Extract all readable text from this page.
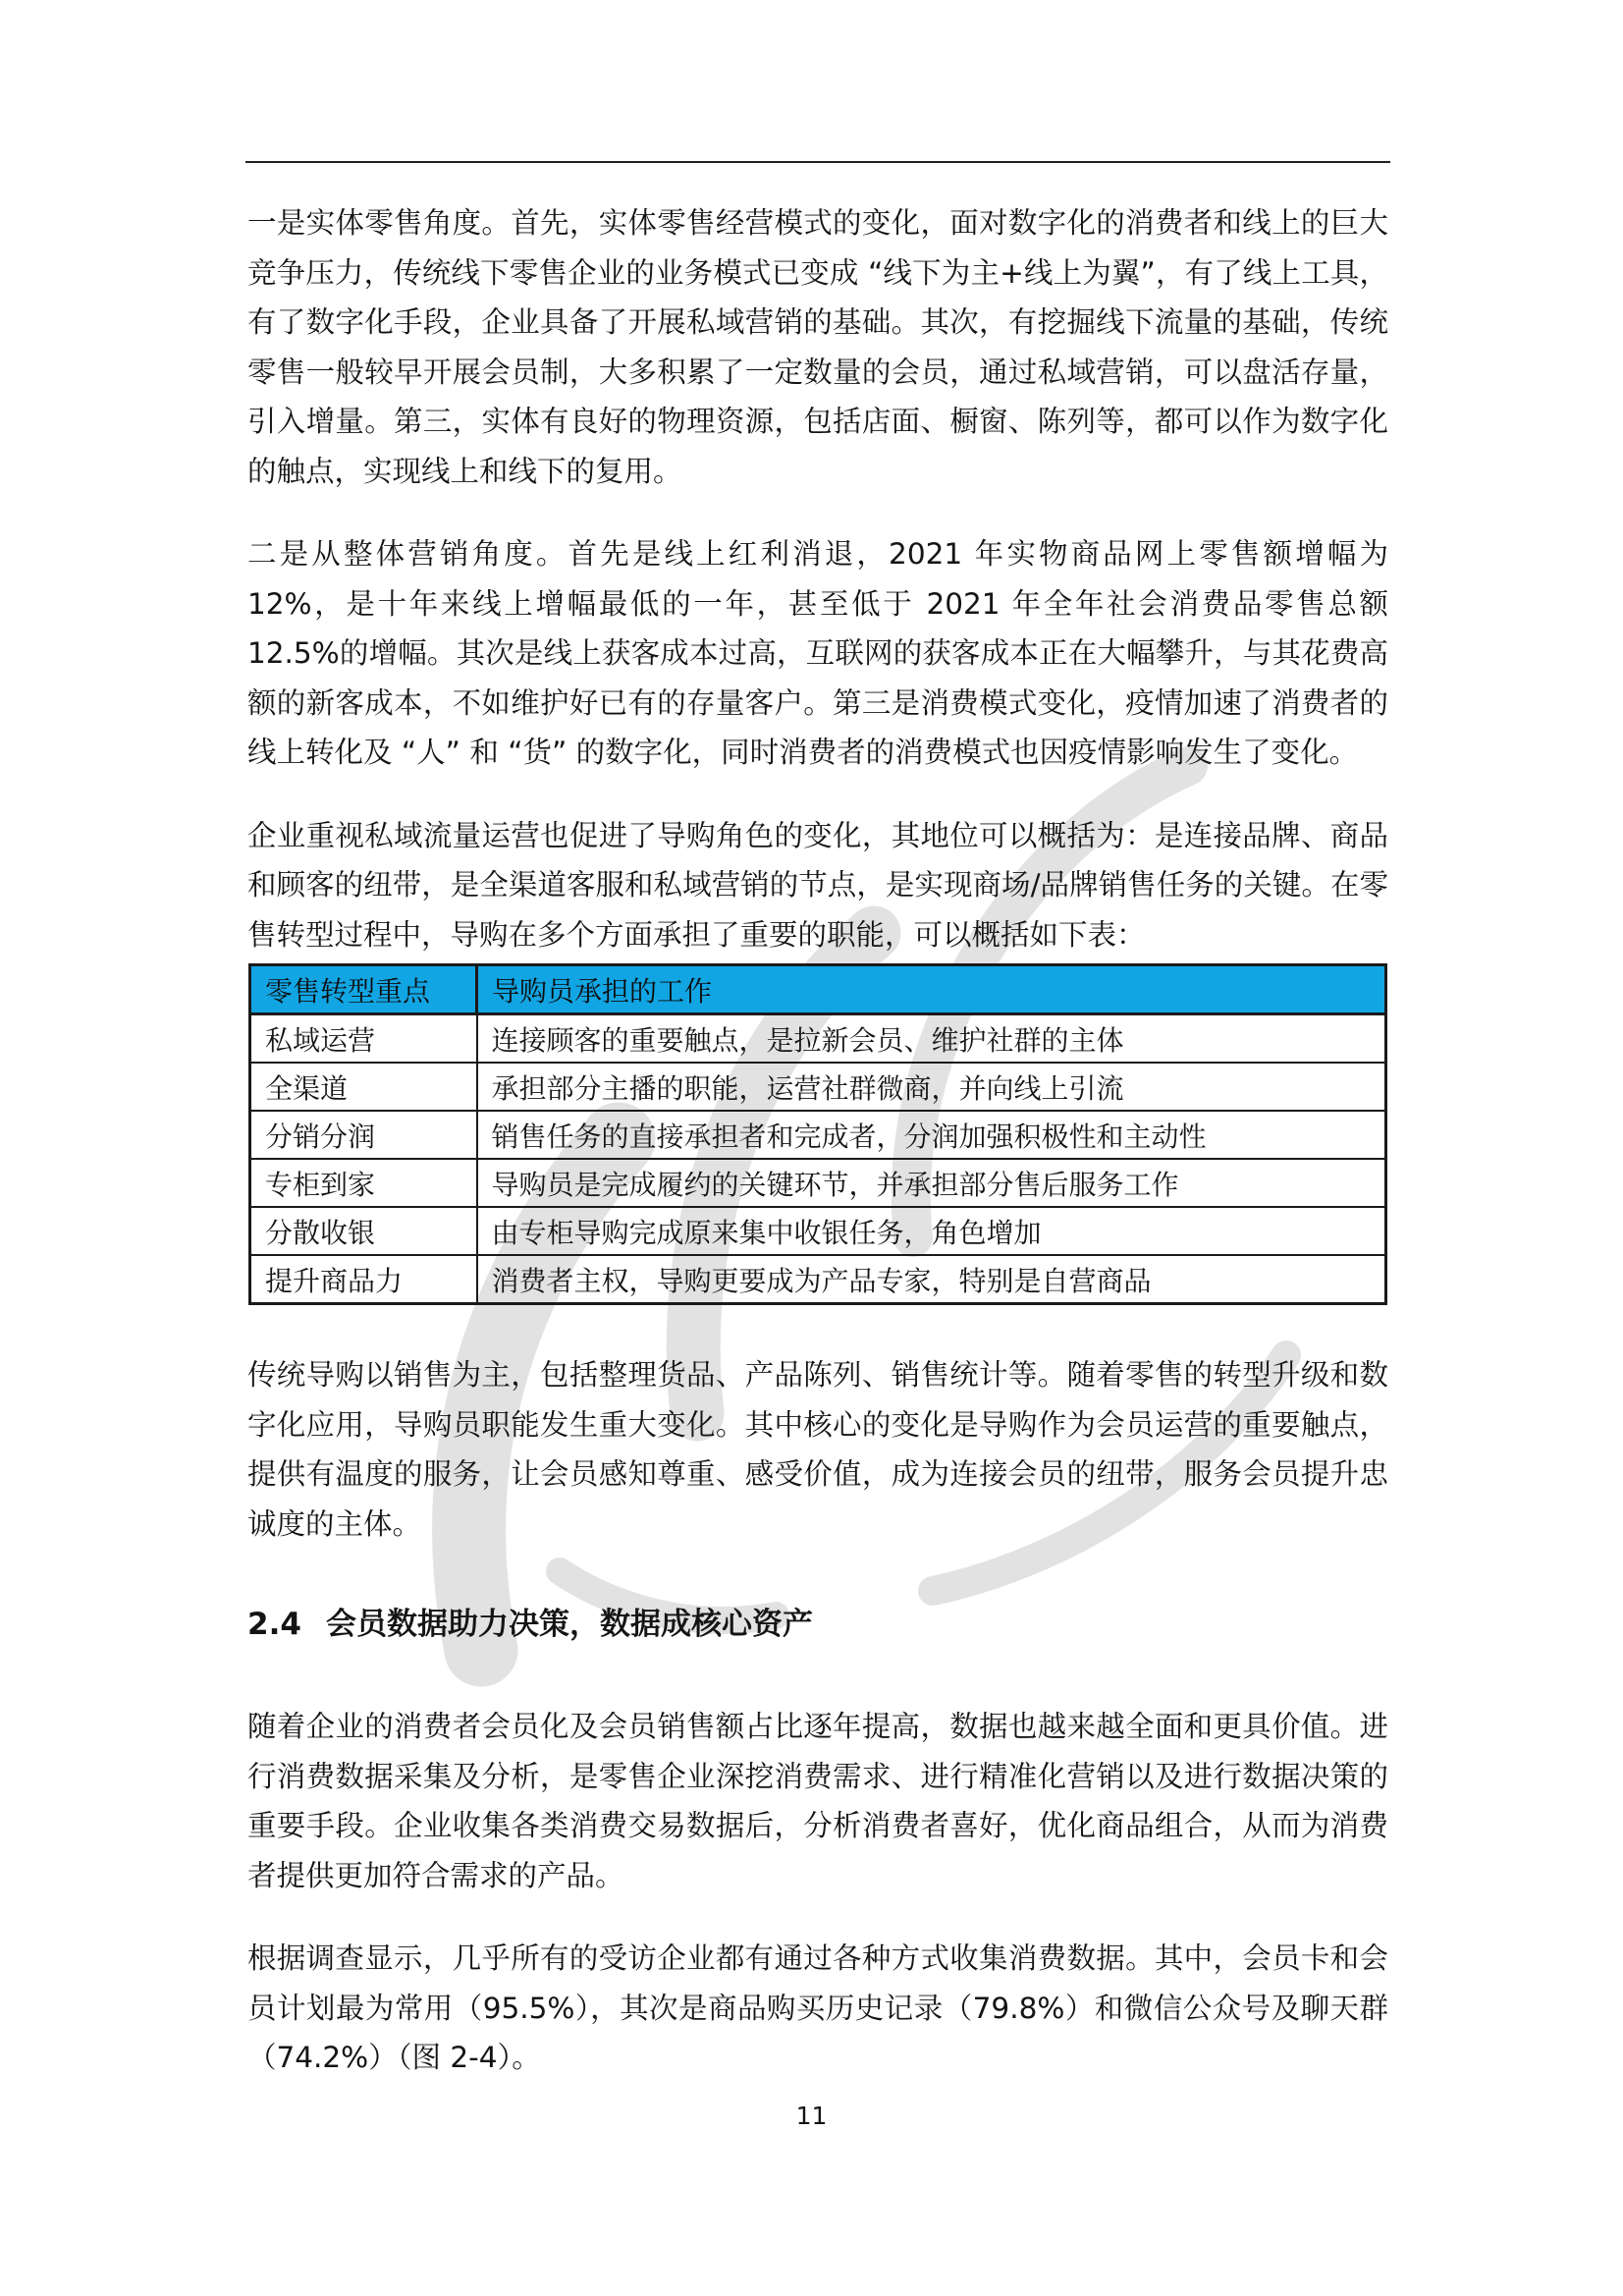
一是实体零售角度。首先，实体零售经营模式的变化，面对数字化的消费者和线上的巨大竞争压力，传统线下零售企业的业务模式已变成 “线下为主+线上为翼”，有了线上工具，有了数字化手段，企业具备了开展私域营销的基础。其次，有挖掘线下流量的基础，传统零售一般较早开展会员制，大多积累了一定数量的会员，通过私域营销，可以盘活存量，引入增量。第三，实体有良好的物理资源，包括店面、橱窗、陈列等，都可以作为数字化的触点，实现线上和线下的复用。

二是从整体营销角度。首先是线上红利消退，2021 年实物商品网上零售额增幅为 12%，是十年来线上增幅最低的一年，甚至低于 2021 年全年社会消费品零售总额 12.5%的增幅。其次是线上获客成本过高，互联网的获客成本正在大幅攀升，与其花费高额的新客成本，不如维护好已有的存量客户。第三是消费模式变化，疫情加速了消费者的线上转化及 “人” 和 “货” 的数字化，同时消费者的消费模式也因疫情影响发生了变化。

企业重视私域流量运营也促进了导购角色的变化，其地位可以概括为：是连接品牌、商品和顾客的纽带，是全渠道客服和私域营销的节点，是实现商场/品牌销售任务的关键。在零售转型过程中，导购在多个方面承担了重要的职能，可以概括如下表：

零售转型重点	导购员承担的工作
私域运营	连接顾客的重要触点，是拉新会员、维护社群的主体
全渠道	承担部分主播的职能，运营社群微商，并向线上引流
分销分润	销售任务的直接承担者和完成者，分润加强积极性和主动性
专柜到家	导购员是完成履约的关键环节，并承担部分售后服务工作
分散收银	由专柜导购完成原来集中收银任务，角色增加
提升商品力	消费者主权，导购更要成为产品专家，特别是自营商品

传统导购以销售为主，包括整理货品、产品陈列、销售统计等。随着零售的转型升级和数字化应用，导购员职能发生重大变化。其中核心的变化是导购作为会员运营的重要触点，提供有温度的服务，让会员感知尊重、感受价值，成为连接会员的纽带，服务会员提升忠诚度的主体。

2.4 会员数据助力决策，数据成核心资产

随着企业的消费者会员化及会员销售额占比逐年提高，数据也越来越全面和更具价值。进行消费数据采集及分析，是零售企业深挖消费需求、进行精准化营销以及进行数据决策的重要手段。企业收集各类消费交易数据后，分析消费者喜好，优化商品组合，从而为消费者提供更加符合需求的产品。

根据调查显示，几乎所有的受访企业都有通过各种方式收集消费数据。其中，会员卡和会员计划最为常用（95.5%），其次是商品购买历史记录（79.8%）和微信公众号及聊天群（74.2%）（图 2-4）。

11
